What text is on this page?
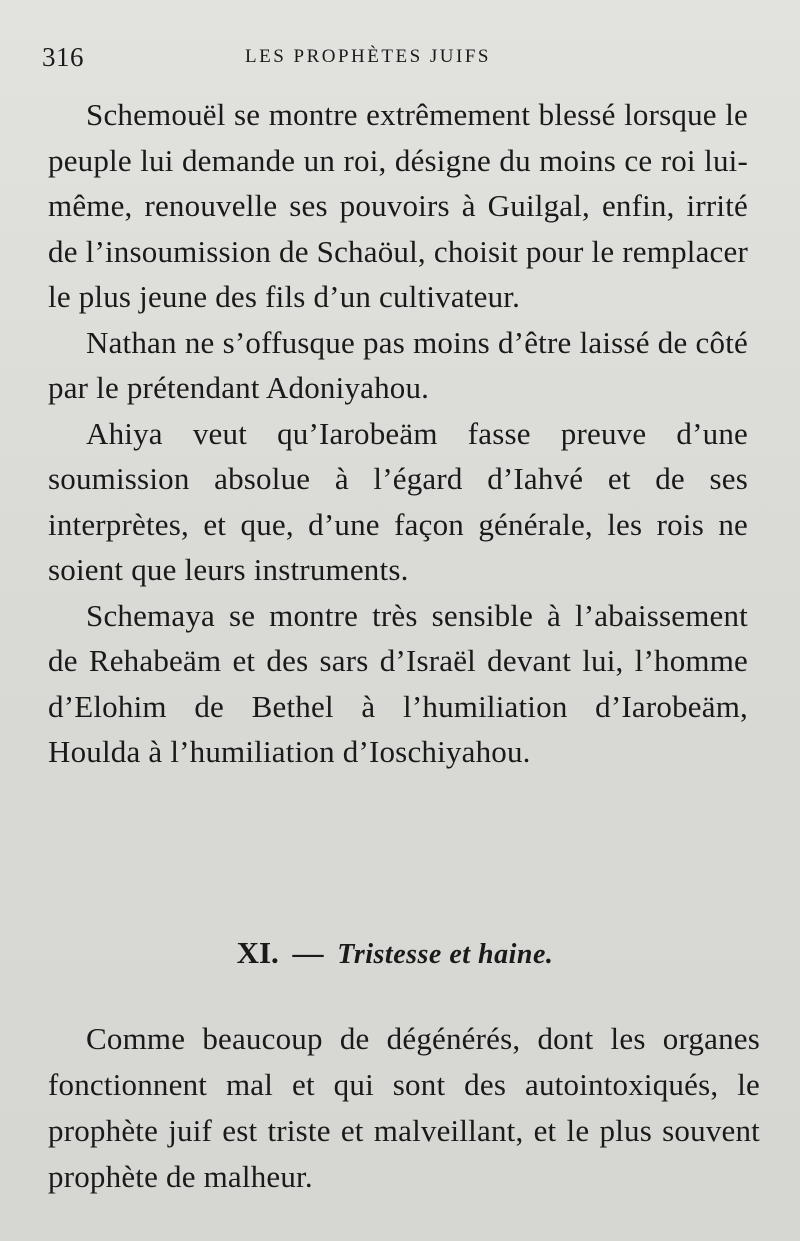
316	LES PROPHÈTES JUIFS

Schemouël se montre extrêmement blessé lorsque le peuple lui demande un roi, désigne du moins ce roi lui-même, renouvelle ses pouvoirs à Guilgal, enfin, irrité de l’insoumission de Schaöul, choisit pour le remplacer le plus jeune des fils d’un cultivateur.

Nathan ne s’offusque pas moins d’être laissé de côté par le prétendant Adoniyahou.

Ahiya veut qu’Iarobeäm fasse preuve d’une soumission absolue à l’égard d’Iahvé et de ses interprètes, et que, d’une façon générale, les rois ne soient que leurs instruments.

Schemaya se montre très sensible à l’abaissement de Rehabeäm et des sars d’Israël devant lui, l’homme d’Elohim de Bethel à l’humiliation d’Iarobeäm, Houlda à l’humiliation d’Ioschiyahou.

XI. — Tristesse et haine.

Comme beaucoup de dégénérés, dont les organes fonctionnent mal et qui sont des autointoxiqués, le prophète juif est triste et malveillant, et le plus souvent prophète de malheur.
